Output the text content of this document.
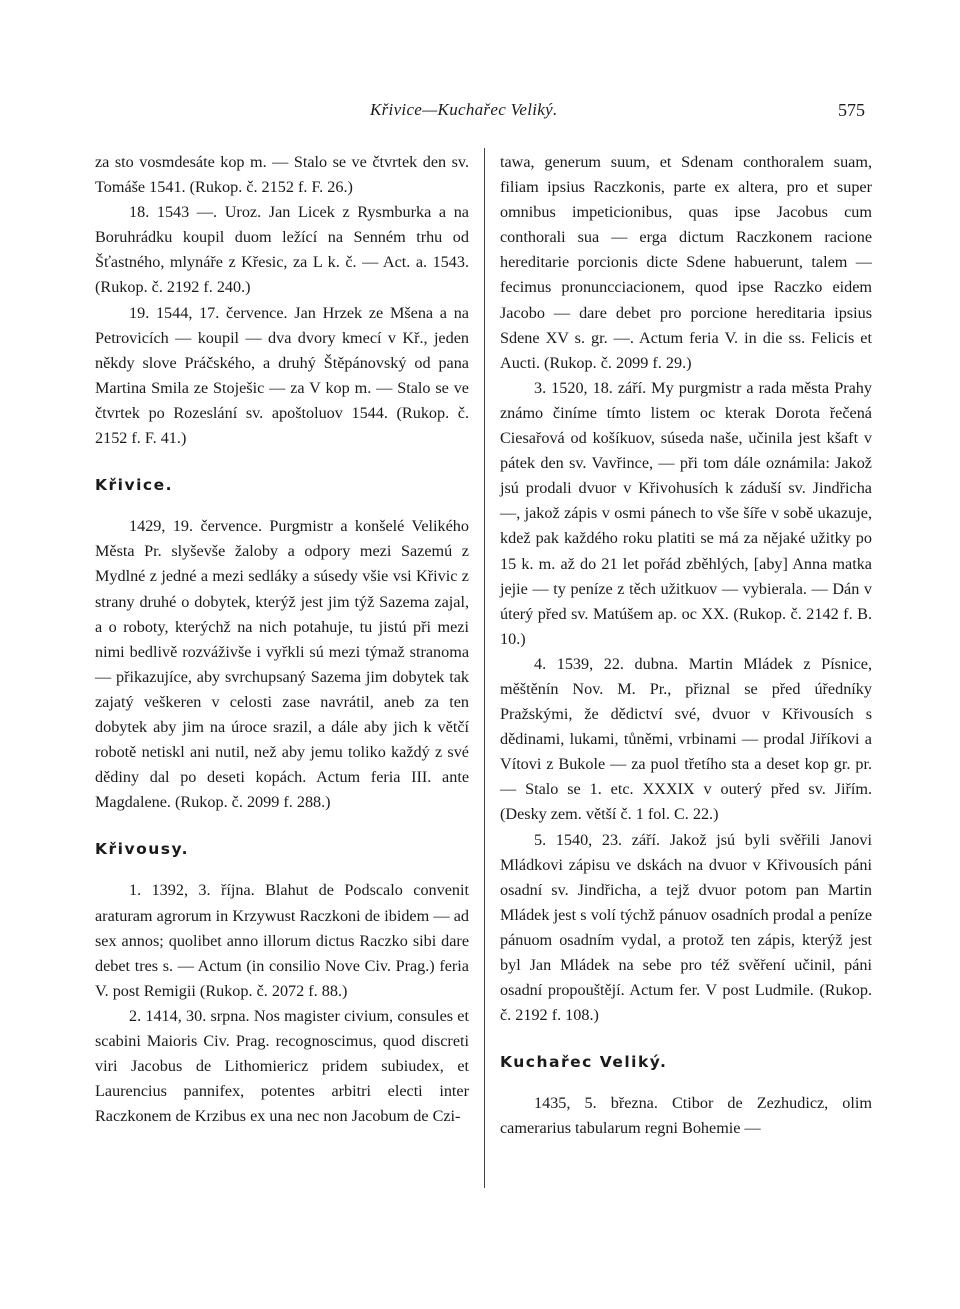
Křivice—Kuchařec Veliký.	575

za sto vosmdesáte kop m. — Stalo se ve čtvrtek den sv. Tomáše 1541. (Rukop. č. 2152 f. F. 26.)

18. 1543 —. Uroz. Jan Licek z Rysmburka a na Boruhrádku koupil duom ležící na Senném trhu od Šťastného, mlynáře z Křesic, za L k. č. — Act. a. 1543. (Rukop. č. 2192 f. 240.)

19. 1544, 17. července. Jan Hrzek ze Mšena a na Petrovicích — koupil — dva dvory kmecí v Kř., jeden někdy slove Práčského, a druhý Štěpánovský od pana Martina Smila ze Stoješic — za V kop m. — Stalo se ve čtvrtek po Rozeslání sv. apoštoluov 1544. (Rukop. č. 2152 f. F. 41.)

Křivice.

1429, 19. července. Purgmistr a konšelé Velikého Města Pr. slyševše žaloby a odpory mezi Sazemú z Mydlné z jedné a mezi sedláky a súsedy všie vsi Křivic z strany druhé o dobytek, kterýž jest jim týž Sazema zajal, a o roboty, kterýchž na nich potahuje, tu jistú při mezi nimi bedlivě rozváživše i vyřkli sú mezi týmaž stranoma — přikazujíce, aby svrchupsaný Sazema jim dobytek tak zajatý veškeren v celosti zase navrátil, aneb za ten dobytek aby jim na úroce srazil, a dále aby jich k větčí robotě netiskl ani nutil, než aby jemu toliko každý z své dědiny dal po deseti kopách. Actum feria III. ante Magdalene. (Rukop. č. 2099 f. 288.)

Křivousy.

1. 1392, 3. října. Blahut de Podscalo convenit araturam agrorum in Krzywust Raczkoni de ibidem — ad sex annos; quolibet anno illorum dictus Raczko sibi dare debet tres s. — Actum (in consilio Nove Civ. Prag.) feria V. post Remigii (Rukop. č. 2072 f. 88.)

2. 1414, 30. srpna. Nos magister civium, consules et scabini Maioris Civ. Prag. recognoscimus, quod discreti viri Jacobus de Lithomiericz pridem subiudex, et Laurencius pannifex, potentes arbitri electi inter Raczkonem de Krzibus ex una nec non Jacobum de Czi-

tawa, generum suum, et Sdenam conthoralem suam, filiam ipsius Raczkonis, parte ex altera, pro et super omnibus impeticionibus, quas ipse Jacobus cum conthorali sua — erga dictum Raczkonem racione hereditarie porcionis dicte Sdene habuerunt, talem — fecimus pronuncciacionem, quod ipse Raczko eidem Jacobo — dare debet pro porcione hereditaria ipsius Sdene XV s. gr. —. Actum feria V. in die ss. Felicis et Aucti. (Rukop. č. 2099 f. 29.)

3. 1520, 18. září. My purgmistr a rada města Prahy známo činíme tímto listem oc kterak Dorota řečená Ciesařová od košíkuov, súseda naše, učinila jest kšaft v pátek den sv. Vavřince, — při tom dále oznámila: Jakož jsú prodali dvuor v Křivohusích k záduší sv. Jindřicha —, jakož zápis v osmi pánech to vše šíře v sobě ukazuje, kdež pak každého roku platiti se má za nějaké užitky po 15 k. m. až do 21 let pořád zběhlých, [aby] Anna matka jejie — ty peníze z těch užitkuov — vybierala. — Dán v úterý před sv. Matúšem ap. oc XX. (Rukop. č. 2142 f. B. 10.)

4. 1539, 22. dubna. Martin Mládek z Písnice, měštěnín Nov. M. Pr., přiznal se před úředníky Pražskými, že dědictví své, dvuor v Křivousích s dědinami, lukami, tůněmi, vrbinami — prodal Jiříkovi a Vítovi z Bukole — za puol třetího sta a deset kop gr. pr. — Stalo se 1. etc. XXXIX v outerý před sv. Jiřím. (Desky zem. větší č. 1 fol. C. 22.)

5. 1540, 23. září. Jakož jsú byli svěřili Janovi Mládkovi zápisu ve dskách na dvuor v Křivousích páni osadní sv. Jindřicha, a tejž dvuor potom pan Martin Mládek jest s volí týchž pánuov osadních prodal a peníze pánuom osadním vydal, a protož ten zápis, kterýž jest byl Jan Mládek na sebe pro též svěření učinil, páni osadní propouštějí. Actum fer. V post Ludmile. (Rukop. č. 2192 f. 108.)

Kuchařec Veliký.

1435, 5. března. Ctibor de Zezhudicz, olim camerarius tabularum regni Bohemie —
